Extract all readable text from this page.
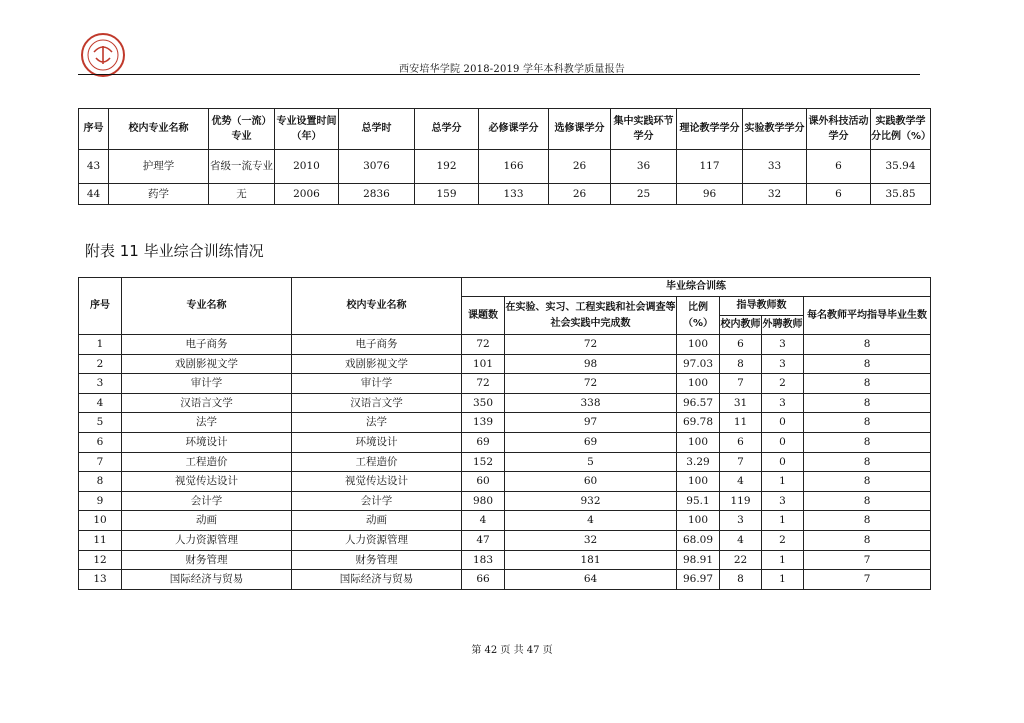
西安培华学院 2018-2019 学年本科教学质量报告
序号	校内专业名称	优势（一流）专业	专业设置时间（年）	总学时	总学分	必修课学分	选修课学分	集中实践环节学分	理论教学学分	实验教学学分	课外科技活动学分	实践教学学分比例（%）
43	护理学	省级一流专业	2010	3076	192	166	26	36	117	33	6	35.94
44	药学	无	2006	2836	159	133	26	25	96	32	6	35.85
附表 11 毕业综合训练情况
序号	专业名称	校内专业名称	毕业综合训练					
			课题数	在实验、实习、工程实践和社会调查等社会实践中完成数	比例（%）	指导教师数		每名教师平均指导毕业生数
						校内教师	外聘教师	
1	电子商务	电子商务	72	72	100	6	3	8
2	戏剧影视文学	戏剧影视文学	101	98	97.03	8	3	8
3	审计学	审计学	72	72	100	7	2	8
4	汉语言文学	汉语言文学	350	338	96.57	31	3	8
5	法学	法学	139	97	69.78	11	0	8
6	环境设计	环境设计	69	69	100	6	0	8
7	工程造价	工程造价	152	5	3.29	7	0	8
8	视觉传达设计	视觉传达设计	60	60	100	4	1	8
9	会计学	会计学	980	932	95.1	119	3	8
10	动画	动画	4	4	100	3	1	8
11	人力资源管理	人力资源管理	47	32	68.09	4	2	8
12	财务管理	财务管理	183	181	98.91	22	1	7
13	国际经济与贸易	国际经济与贸易	66	64	96.97	8	1	7
第 42 页 共 47 页
